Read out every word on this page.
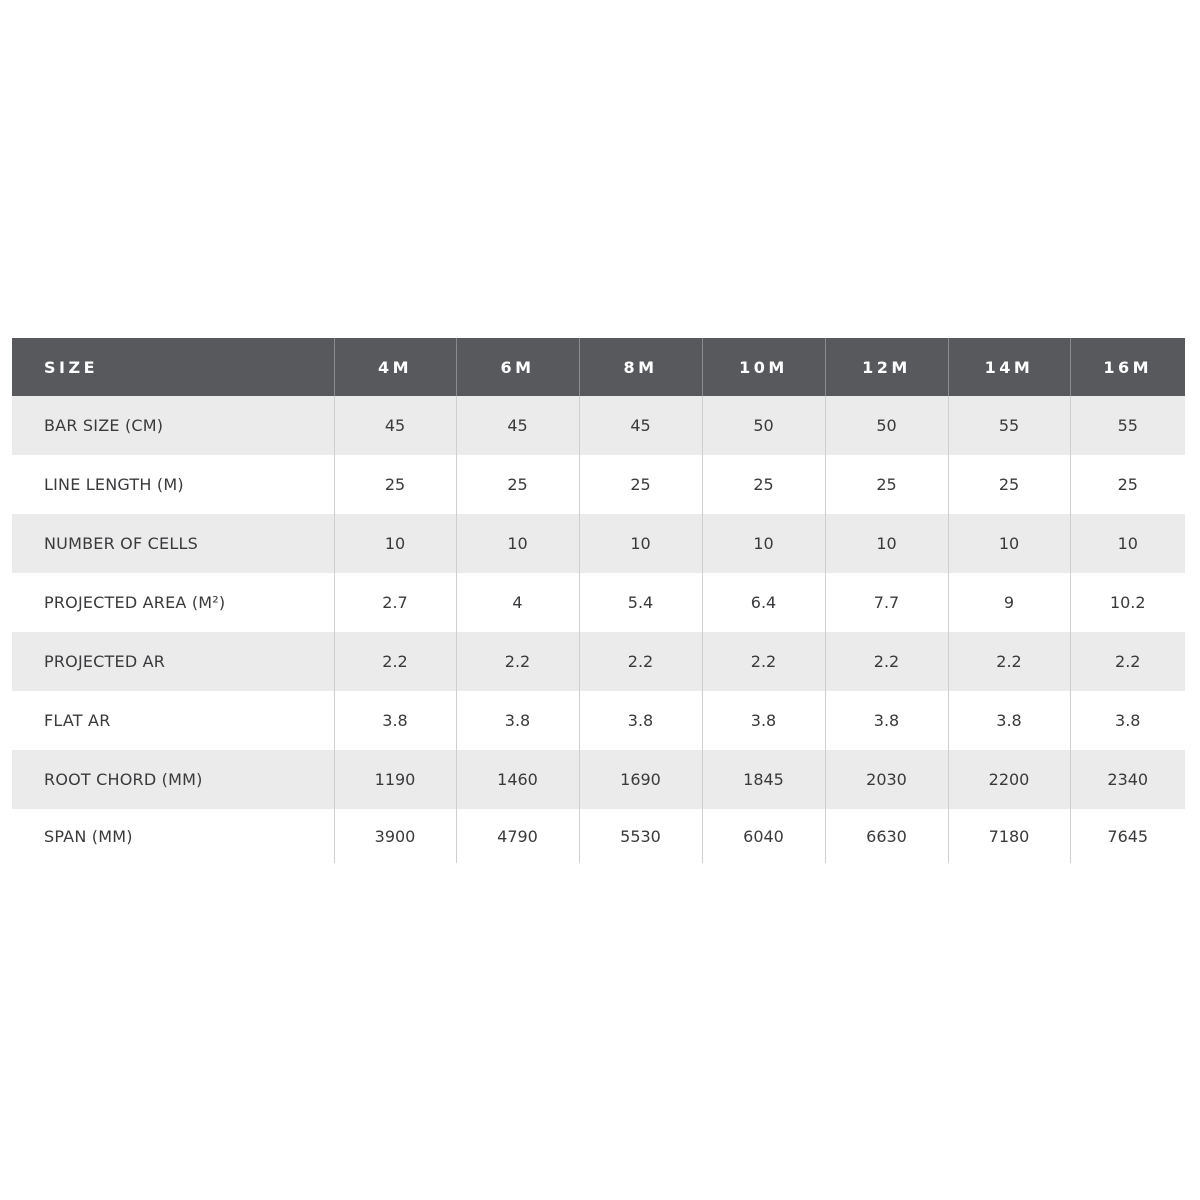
SIZE	4M	6M	8M	10M	12M	14M	16M
BAR SIZE (CM)	45	45	45	50	50	55	55
LINE LENGTH (M)	25	25	25	25	25	25	25
NUMBER OF CELLS	10	10	10	10	10	10	10
PROJECTED AREA (M²)	2.7	4	5.4	6.4	7.7	9	10.2
PROJECTED AR	2.2	2.2	2.2	2.2	2.2	2.2	2.2
FLAT AR	3.8	3.8	3.8	3.8	3.8	3.8	3.8
ROOT CHORD (MM)	1190	1460	1690	1845	2030	2200	2340
SPAN (MM)	3900	4790	5530	6040	6630	7180	7645
